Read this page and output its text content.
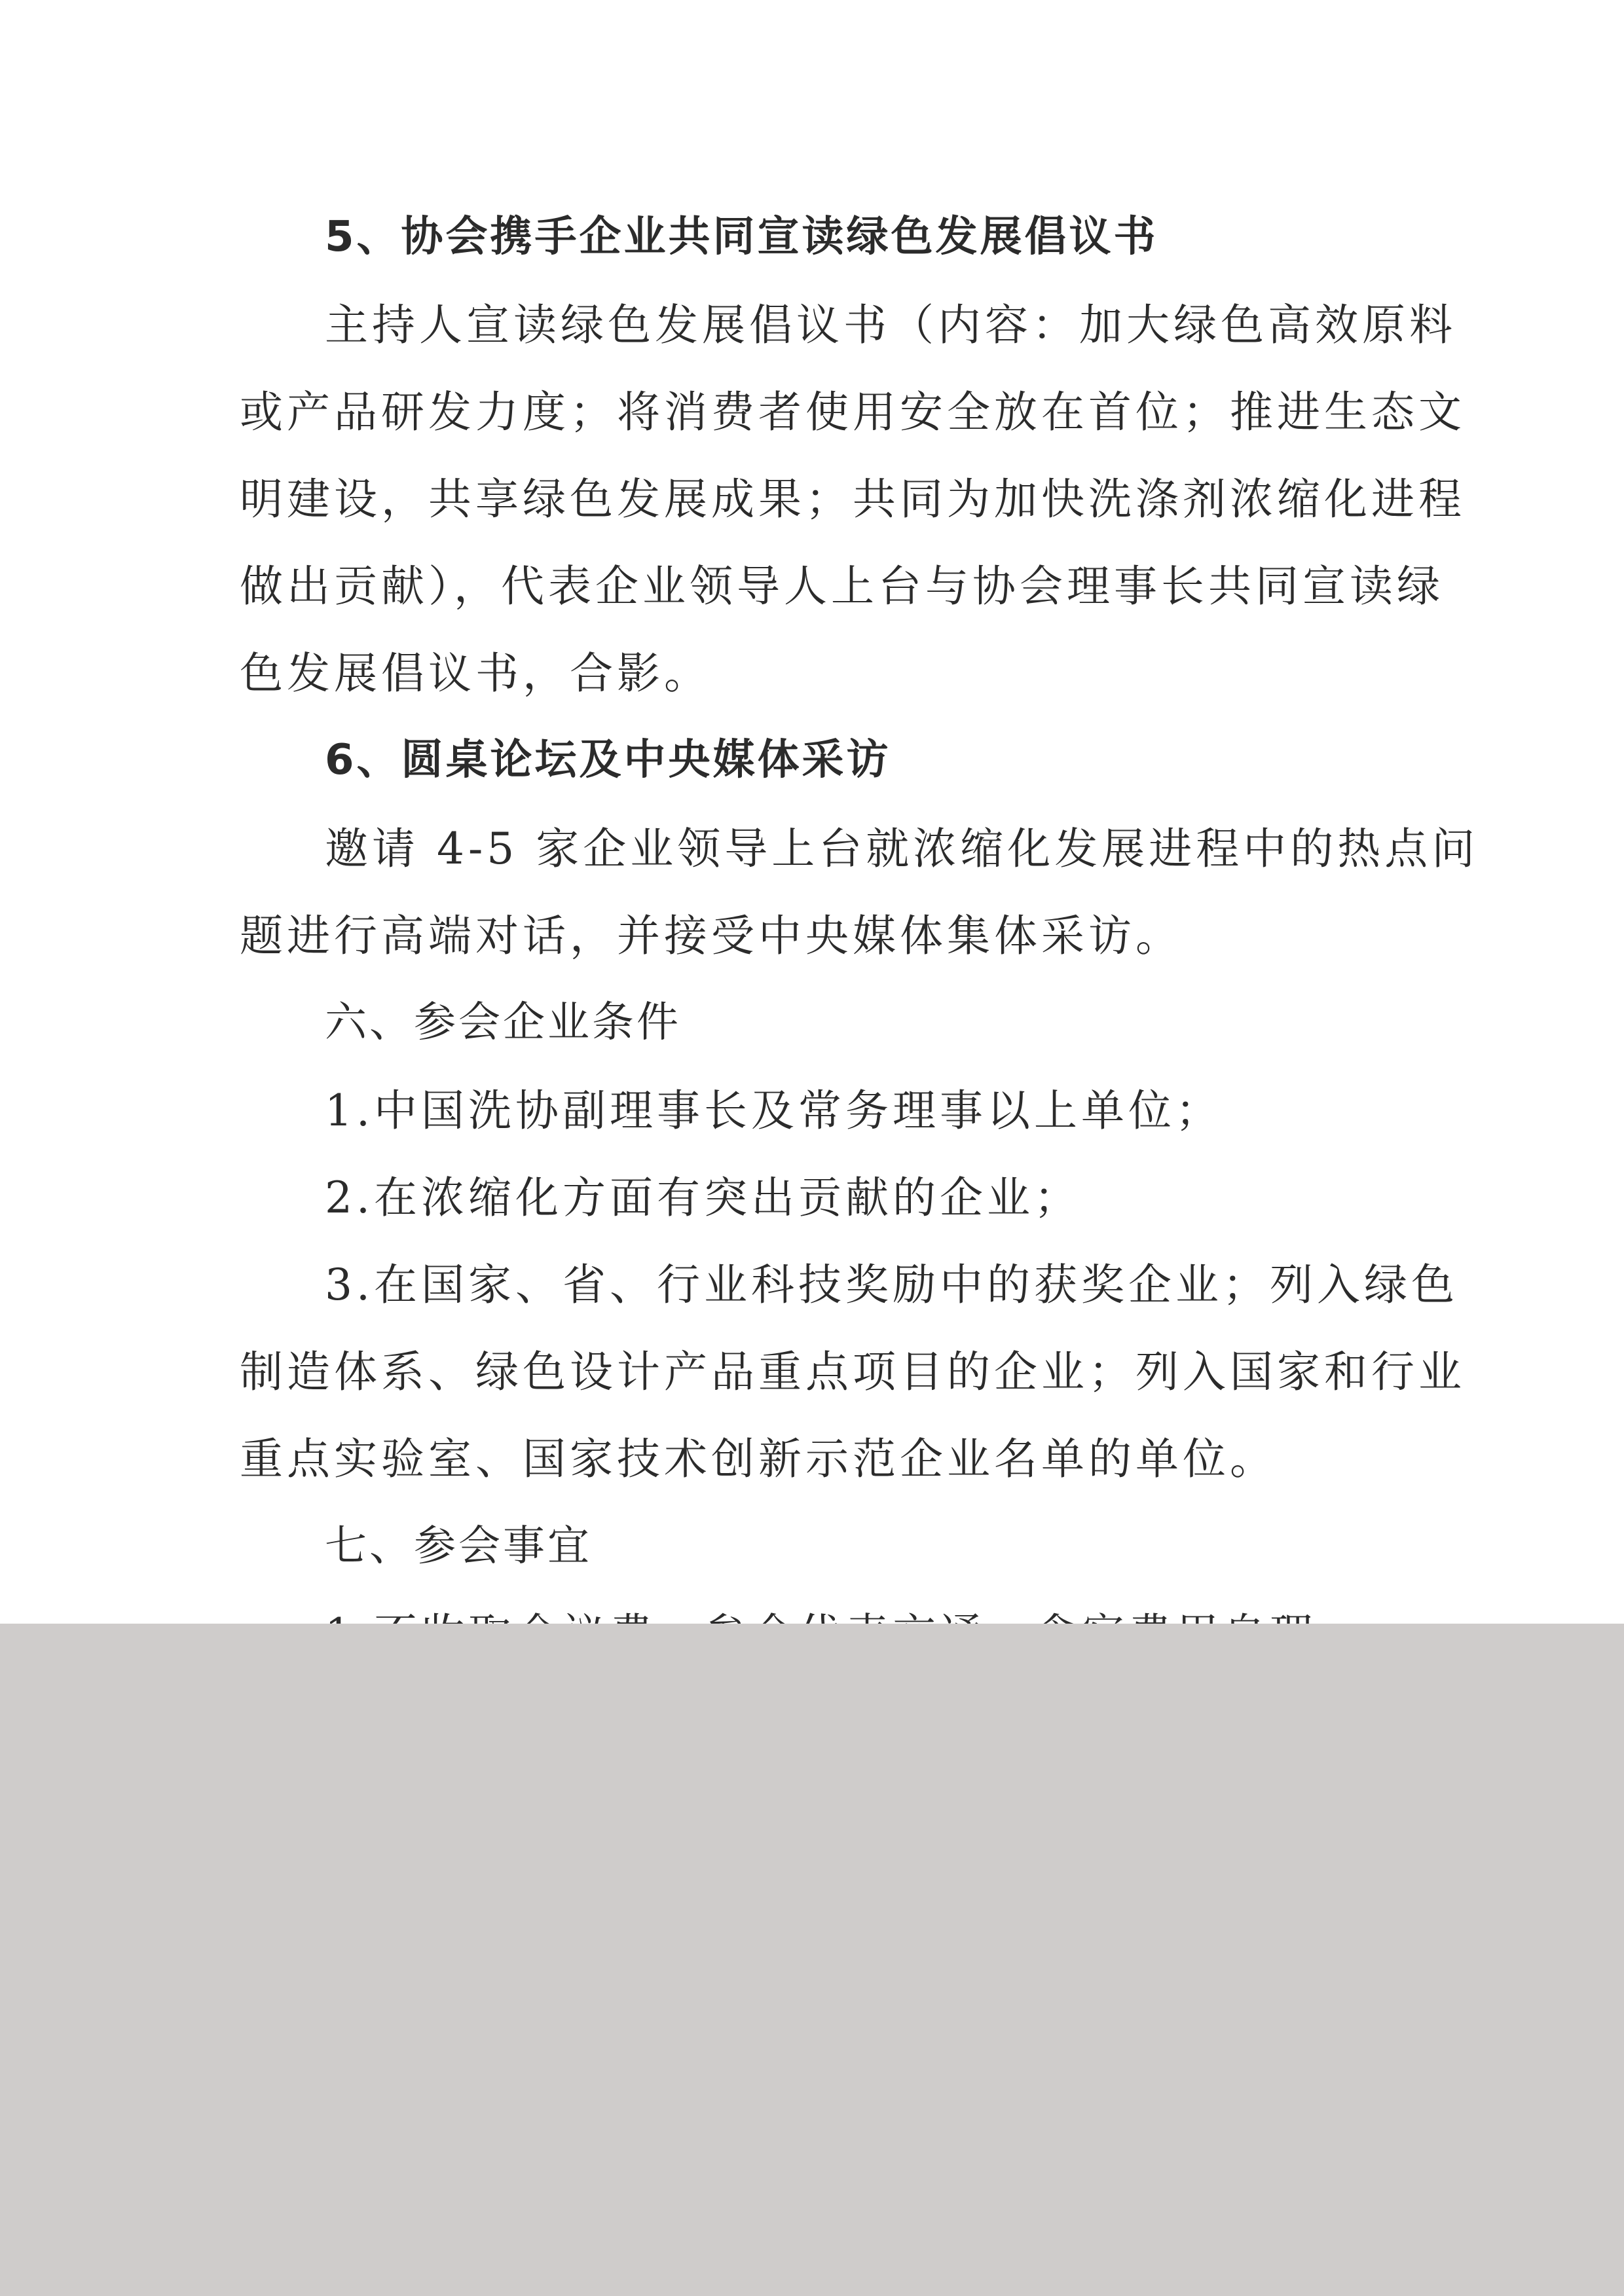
5、协会携手企业共同宣读绿色发展倡议书

主持人宣读绿色发展倡议书（内容：加大绿色高效原料
或产品研发力度；将消费者使用安全放在首位；推进生态文
明建设，共享绿色发展成果；共同为加快洗涤剂浓缩化进程
做出贡献），代表企业领导人上台与协会理事长共同宣读绿
色发展倡议书，合影。

6、圆桌论坛及中央媒体采访

邀请 4-5 家企业领导上台就浓缩化发展进程中的热点问
题进行高端对话，并接受中央媒体集体采访。

六、参会企业条件

1.中国洗协副理事长及常务理事以上单位；
2.在浓缩化方面有突出贡献的企业；
3.在国家、省、行业科技奖励中的获奖企业；列入绿色
制造体系、绿色设计产品重点项目的企业；列入国家和行业
重点实验室、国家技术创新示范企业名单的单位。

七、参会事宜
